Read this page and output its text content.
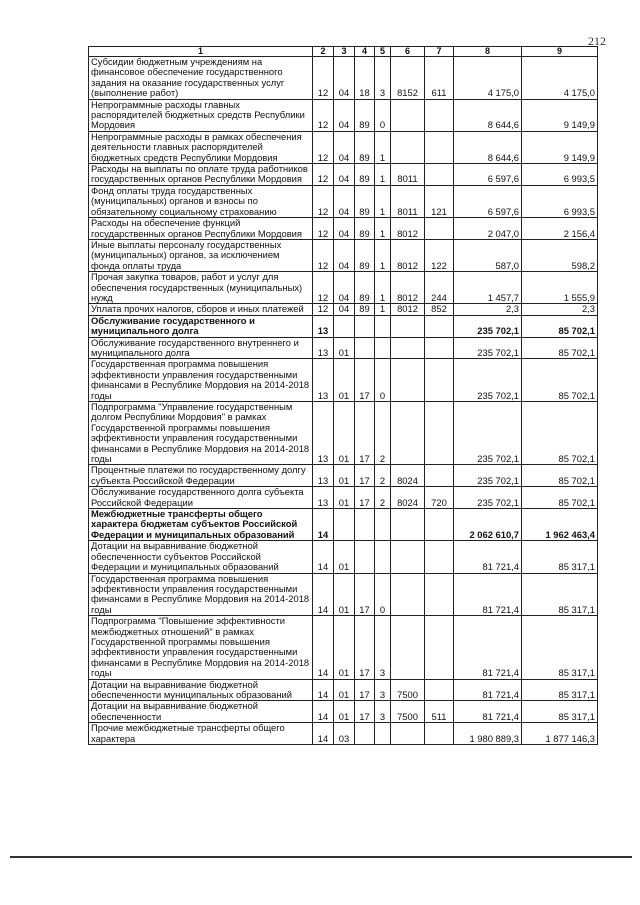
212
1	2	3	4	5	6	7	8	9
Субсидии бюджетным учреждениям на финансовое обеспечение государственного задания на оказание государственных услуг (выполнение работ)	12	04	18	3	8152	611	4 175,0	4 175,0
Непрограммные расходы главных распорядителей бюджетных средств Республики Мордовия	12	04	89	0			8 644,6	9 149,9
Непрограммные расходы в рамках обеспечения деятельности главных распорядителей бюджетных средств Республики Мордовия	12	04	89	1			8 644,6	9 149,9
Расходы на выплаты по оплате труда работников государственных органов Республики Мордовия	12	04	89	1	8011		6 597,6	6 993,5
Фонд оплаты труда государственных (муниципальных) органов и взносы по обязательному социальному страхованию	12	04	89	1	8011	121	6 597,6	6 993,5
Расходы на обеспечение функций государственных органов Республики Мордовия	12	04	89	1	8012		2 047,0	2 156,4
Иные выплаты персоналу государственных (муниципальных) органов, за исключением фонда оплаты труда	12	04	89	1	8012	122	587,0	598,2
Прочая закупка товаров, работ и услуг для обеспечения государственных (муниципальных) нужд	12	04	89	1	8012	244	1 457,7	1 555,9
Уплата прочих налогов, сборов и иных платежей	12	04	89	1	8012	852	2,3	2,3
Обслуживание государственного и муниципального долга	13						235 702,1	85 702,1
Обслуживание государственного внутреннего и муниципального долга	13	01					235 702,1	85 702,1
Государственная программа повышения эффективности управления государственными финансами в Республике Мордовия на 2014-2018 годы	13	01	17	0			235 702,1	85 702,1
Подпрограмма "Управление государственным долгом Республики Мордовия" в рамках Государственной программы повышения эффективности управления государственными финансами в Республике Мордовия на 2014-2018 годы	13	01	17	2			235 702,1	85 702,1
Процентные платежи по государственному долгу субъекта Российской Федерации	13	01	17	2	8024		235 702,1	85 702,1
Обслуживание государственного долга субъекта Российской Федерации	13	01	17	2	8024	720	235 702,1	85 702,1
Межбюджетные трансферты общего характера бюджетам субъектов Российской Федерации и муниципальных образований	14						2 062 610,7	1 962 463,4
Дотации на выравнивание бюджетной обеспеченности субъектов Российской Федерации и муниципальных образований	14	01					81 721,4	85 317,1
Государственная программа повышения эффективности управления государственными финансами в Республике Мордовия на 2014-2018 годы	14	01	17	0			81 721,4	85 317,1
Подпрограмма "Повышение эффективности межбюджетных отношений" в рамках Государственной программы повышения эффективности управления государственными финансами в Республике Мордовия на 2014-2018 годы	14	01	17	3			81 721,4	85 317,1
Дотации на выравнивание бюджетной обеспеченности муниципальных образований	14	01	17	3	7500		81 721,4	85 317,1
Дотации на выравнивание бюджетной обеспеченности	14	01	17	3	7500	511	81 721,4	85 317,1
Прочие межбюджетные трансферты общего характера	14	03					1 980 889,3	1 877 146,3
